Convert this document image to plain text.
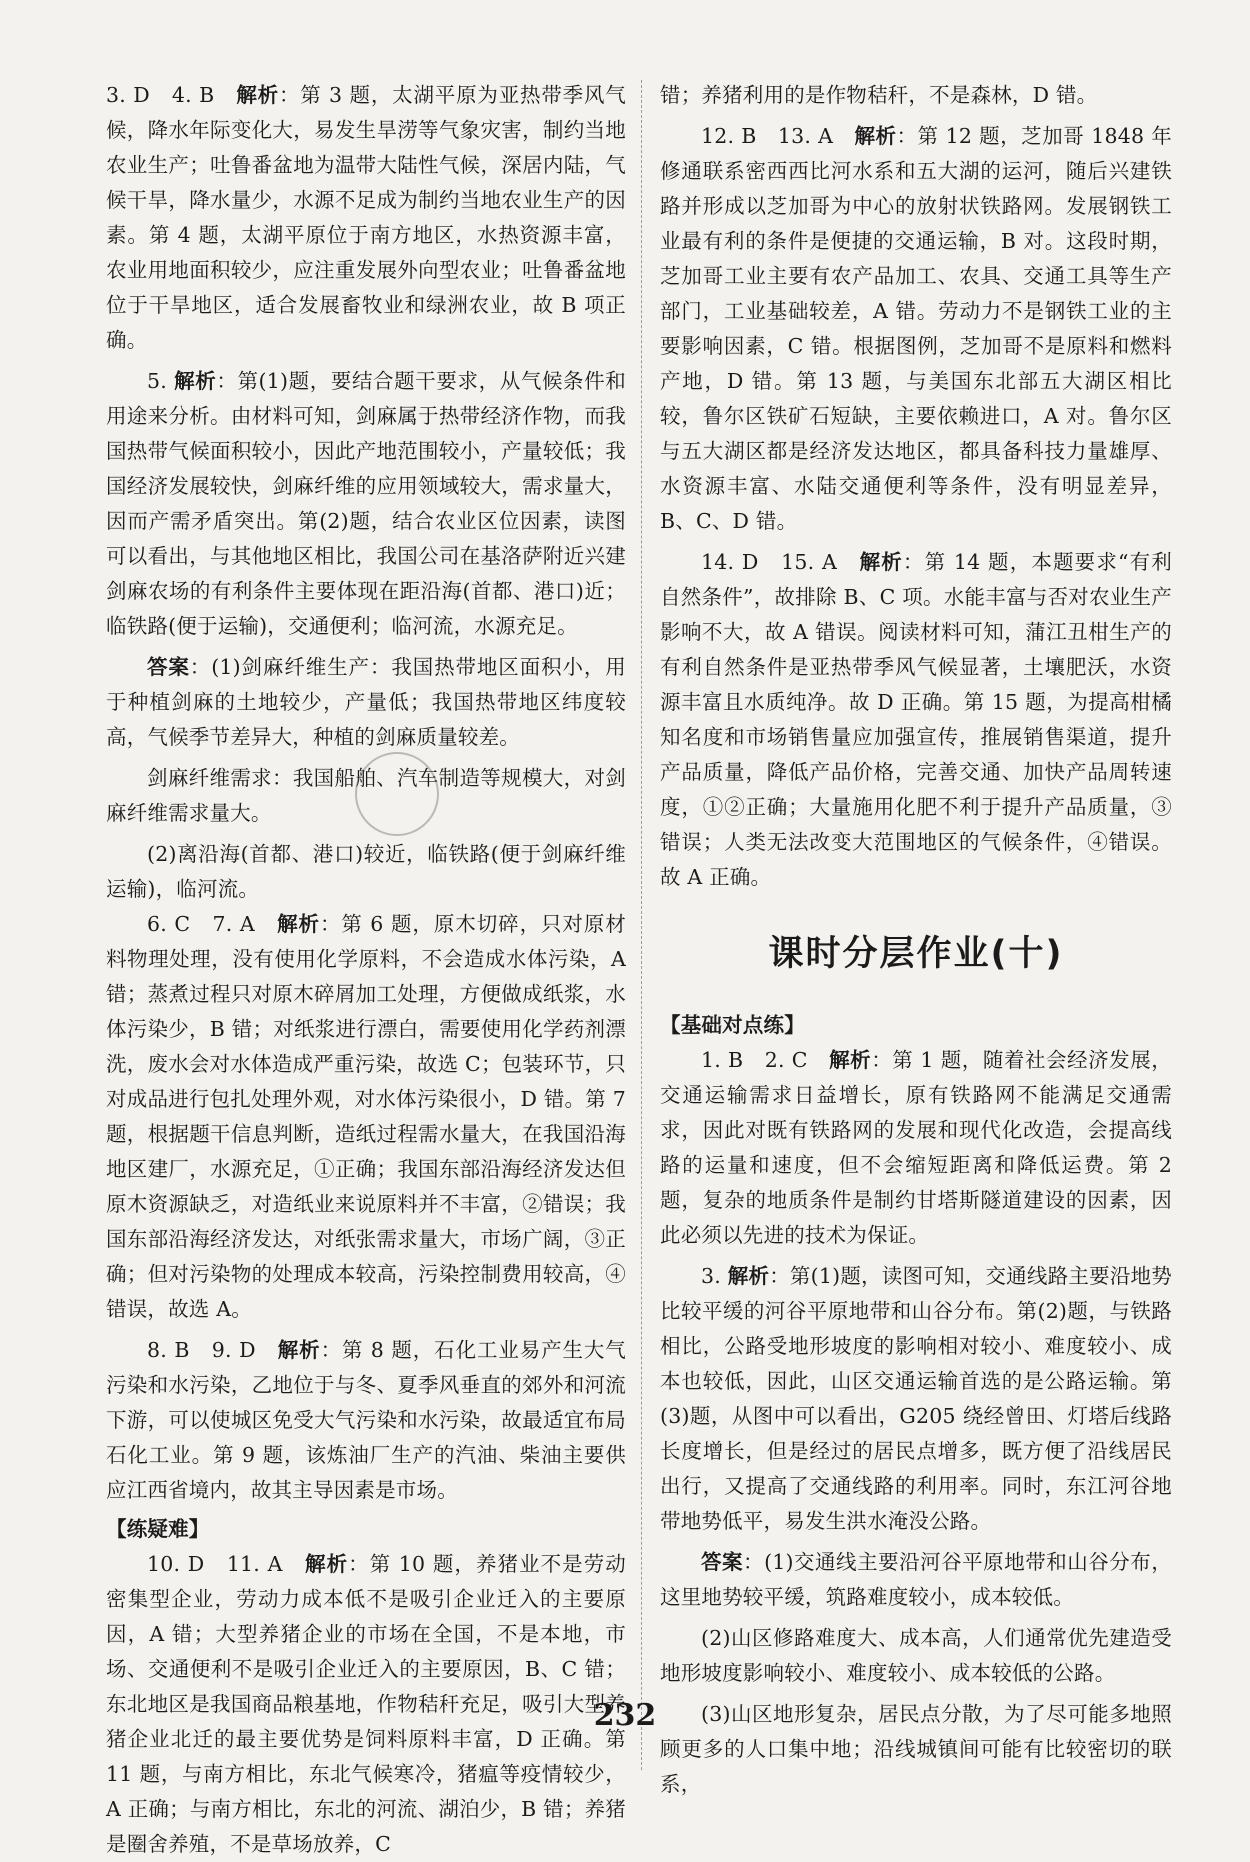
3. D　4. B　解析：第 3 题，太湖平原为亚热带季风气候，降水年际变化大，易发生旱涝等气象灾害，制约当地农业生产；吐鲁番盆地为温带大陆性气候，深居内陆，气候干旱，降水量少，水源不足成为制约当地农业生产的因素。第 4 题，太湖平原位于南方地区，水热资源丰富，农业用地面积较少，应注重发展外向型农业；吐鲁番盆地位于干旱地区，适合发展畜牧业和绿洲农业，故 B 项正确。

5. 解析：第(1)题，要结合题干要求，从气候条件和用途来分析。由材料可知，剑麻属于热带经济作物，而我国热带气候面积较小，因此产地范围较小，产量较低；我国经济发展较快，剑麻纤维的应用领域较大，需求量大，因而产需矛盾突出。第(2)题，结合农业区位因素，读图可以看出，与其他地区相比，我国公司在基洛萨附近兴建剑麻农场的有利条件主要体现在距沿海(首都、港口)近；临铁路(便于运输)，交通便利；临河流，水源充足。

答案：(1)剑麻纤维生产：我国热带地区面积小，用于种植剑麻的土地较少，产量低；我国热带地区纬度较高，气候季节差异大，种植的剑麻质量较差。

剑麻纤维需求：我国船舶、汽车制造等规模大，对剑麻纤维需求量大。

(2)离沿海(首都、港口)较近，临铁路(便于剑麻纤维运输)，临河流。

6. C　7. A　解析：第 6 题，原木切碎，只对原材料物理处理，没有使用化学原料，不会造成水体污染，A 错；蒸煮过程只对原木碎屑加工处理，方便做成纸浆，水体污染少，B 错；对纸浆进行漂白，需要使用化学药剂漂洗，废水会对水体造成严重污染，故选 C；包装环节，只对成品进行包扎处理外观，对水体污染很小，D 错。第 7 题，根据题干信息判断，造纸过程需水量大，在我国沿海地区建厂，水源充足，①正确；我国东部沿海经济发达但原木资源缺乏，对造纸业来说原料并不丰富，②错误；我国东部沿海经济发达，对纸张需求量大，市场广阔，③正确；但对污染物的处理成本较高，污染控制费用较高，④错误，故选 A。

8. B　9. D　解析：第 8 题，石化工业易产生大气污染和水污染，乙地位于与冬、夏季风垂直的郊外和河流下游，可以使城区免受大气污染和水污染，故最适宜布局石化工业。第 9 题，该炼油厂生产的汽油、柴油主要供应江西省境内，故其主导因素是市场。

【练疑难】

10. D　11. A　解析：第 10 题，养猪业不是劳动密集型企业，劳动力成本低不是吸引企业迁入的主要原因，A 错；大型养猪企业的市场在全国，不是本地，市场、交通便利不是吸引企业迁入的主要原因，B、C 错；东北地区是我国商品粮基地，作物秸秆充足，吸引大型养猪企业北迁的最主要优势是饲料原料丰富，D 正确。第 11 题，与南方相比，东北气候寒冷，猪瘟等疫情较少，A 正确；与南方相比，东北的河流、湖泊少，B 错；养猪是圈舍养殖，不是草场放养，C

错；养猪利用的是作物秸秆，不是森林，D 错。

12. B　13. A　解析：第 12 题，芝加哥 1848 年修通联系密西西比河水系和五大湖的运河，随后兴建铁路并形成以芝加哥为中心的放射状铁路网。发展钢铁工业最有利的条件是便捷的交通运输，B 对。这段时期，芝加哥工业主要有农产品加工、农具、交通工具等生产部门，工业基础较差，A 错。劳动力不是钢铁工业的主要影响因素，C 错。根据图例，芝加哥不是原料和燃料产地，D 错。第 13 题，与美国东北部五大湖区相比较，鲁尔区铁矿石短缺，主要依赖进口，A 对。鲁尔区与五大湖区都是经济发达地区，都具备科技力量雄厚、水资源丰富、水陆交通便利等条件，没有明显差异，B、C、D 错。

14. D　15. A　解析：第 14 题，本题要求“有利自然条件”，故排除 B、C 项。水能丰富与否对农业生产影响不大，故 A 错误。阅读材料可知，蒲江丑柑生产的有利自然条件是亚热带季风气候显著，土壤肥沃，水资源丰富且水质纯净。故 D 正确。第 15 题，为提高柑橘知名度和市场销售量应加强宣传，推展销售渠道，提升产品质量，降低产品价格，完善交通、加快产品周转速度，①②正确；大量施用化肥不利于提升产品质量，③错误；人类无法改变大范围地区的气候条件，④错误。故 A 正确。

课时分层作业(十)

【基础对点练】

1. B　2. C　解析：第 1 题，随着社会经济发展，交通运输需求日益增长，原有铁路网不能满足交通需求，因此对既有铁路网的发展和现代化改造，会提高线路的运量和速度，但不会缩短距离和降低运费。第 2 题，复杂的地质条件是制约甘塔斯隧道建设的因素，因此必须以先进的技术为保证。

3. 解析：第(1)题，读图可知，交通线路主要沿地势比较平缓的河谷平原地带和山谷分布。第(2)题，与铁路相比，公路受地形坡度的影响相对较小、难度较小、成本也较低，因此，山区交通运输首选的是公路运输。第(3)题，从图中可以看出，G205 绕经曾田、灯塔后线路长度增长，但是经过的居民点增多，既方便了沿线居民出行，又提高了交通线路的利用率。同时，东江河谷地带地势低平，易发生洪水淹没公路。

答案：(1)交通线主要沿河谷平原地带和山谷分布，这里地势较平缓，筑路难度较小，成本较低。

(2)山区修路难度大、成本高，人们通常优先建造受地形坡度影响较小、难度较小、成本较低的公路。

(3)山区地形复杂，居民点分散，为了尽可能多地照顾更多的人口集中地；沿线城镇间可能有比较密切的联系，

232
